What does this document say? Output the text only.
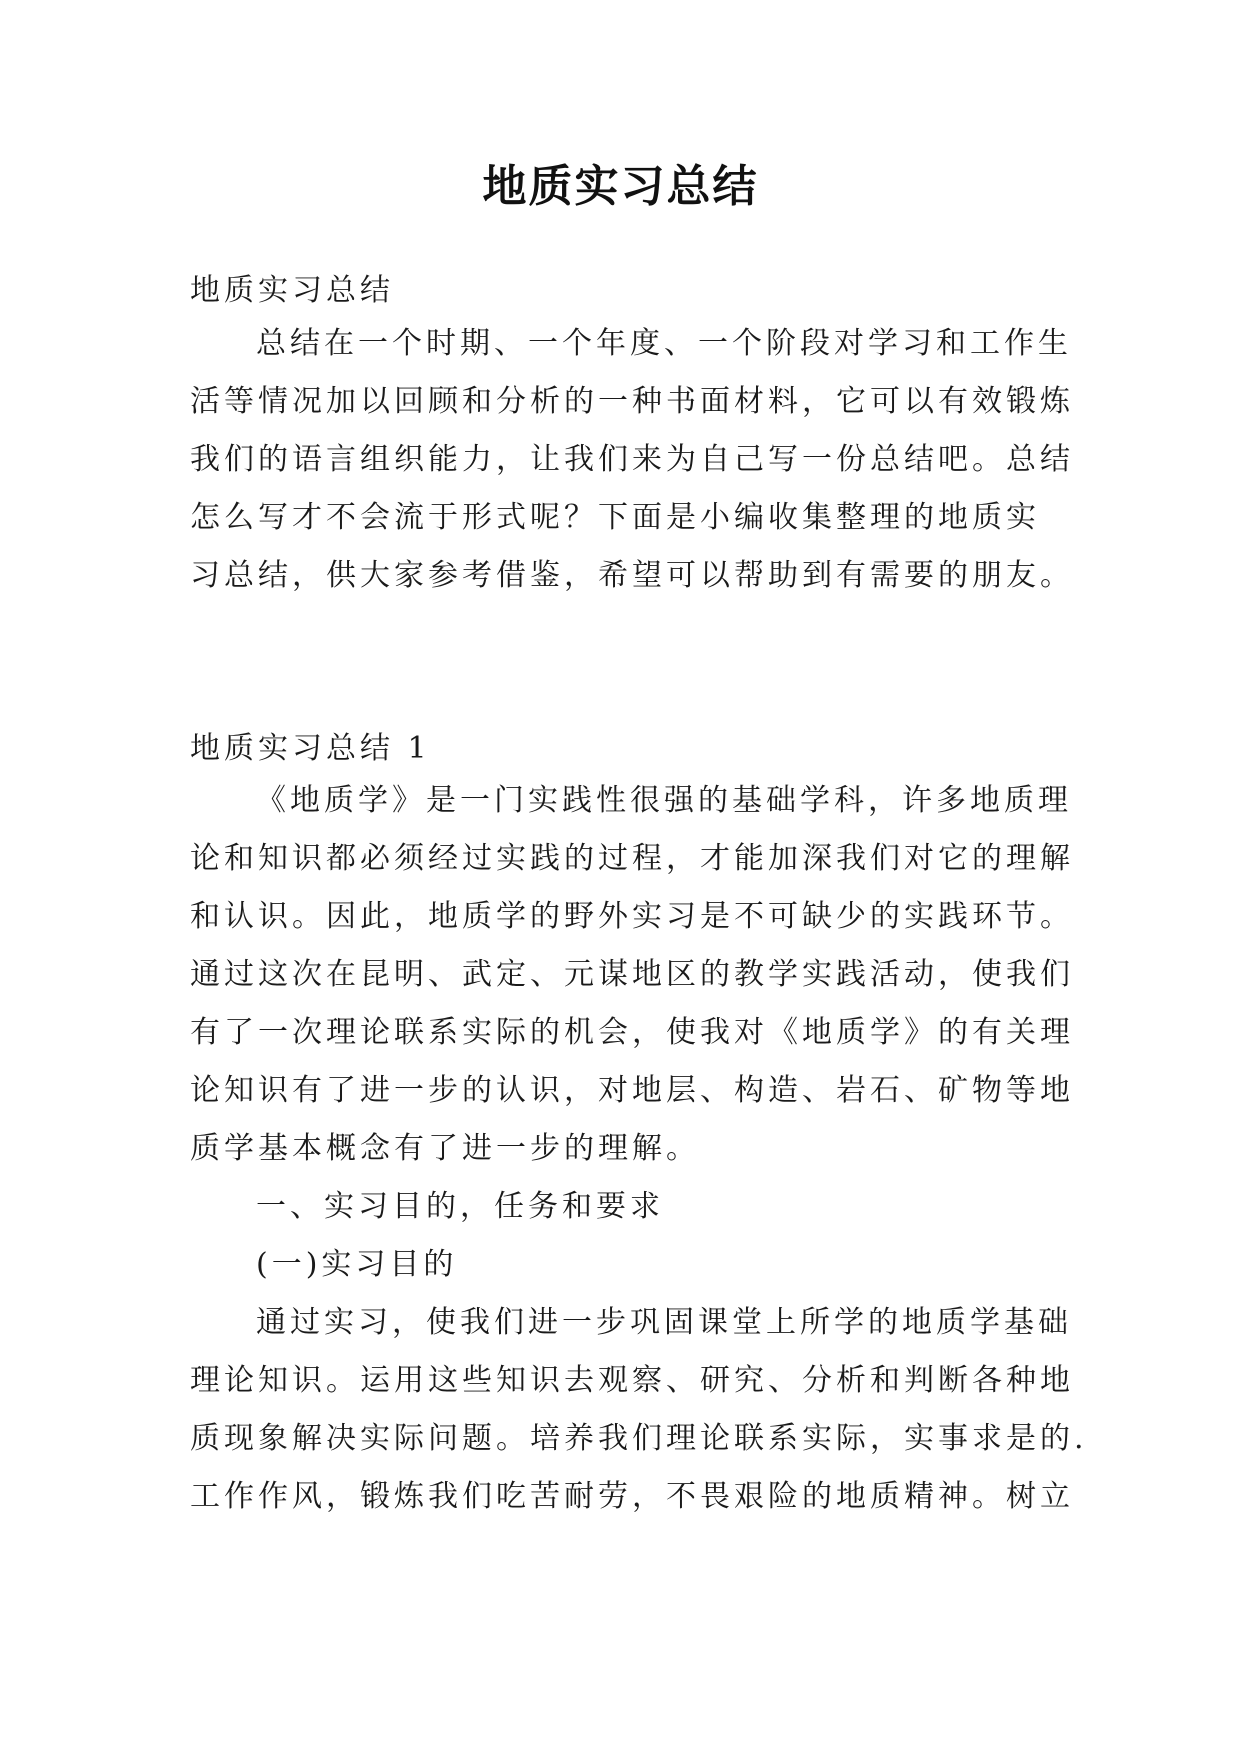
地质实习总结

地质实习总结

总结在一个时期、一个年度、一个阶段对学习和工作生
活等情况加以回顾和分析的一种书面材料，它可以有效锻炼
我们的语言组织能力，让我们来为自己写一份总结吧。总结
怎么写才不会流于形式呢？下面是小编收集整理的地质实
习总结，供大家参考借鉴，希望可以帮助到有需要的朋友。

地质实习总结 1

《地质学》是一门实践性很强的基础学科，许多地质理
论和知识都必须经过实践的过程，才能加深我们对它的理解
和认识。因此，地质学的野外实习是不可缺少的实践环节。
通过这次在昆明、武定、元谋地区的教学实践活动，使我们
有了一次理论联系实际的机会，使我对《地质学》的有关理
论知识有了进一步的认识，对地层、构造、岩石、矿物等地
质学基本概念有了进一步的理解。
一、实习目的，任务和要求
(一)实习目的
通过实习，使我们进一步巩固课堂上所学的地质学基础
理论知识。运用这些知识去观察、研究、分析和判断各种地
质现象解决实际问题。培养我们理论联系实际，实事求是的.
工作作风，锻炼我们吃苦耐劳，不畏艰险的地质精神。树立
